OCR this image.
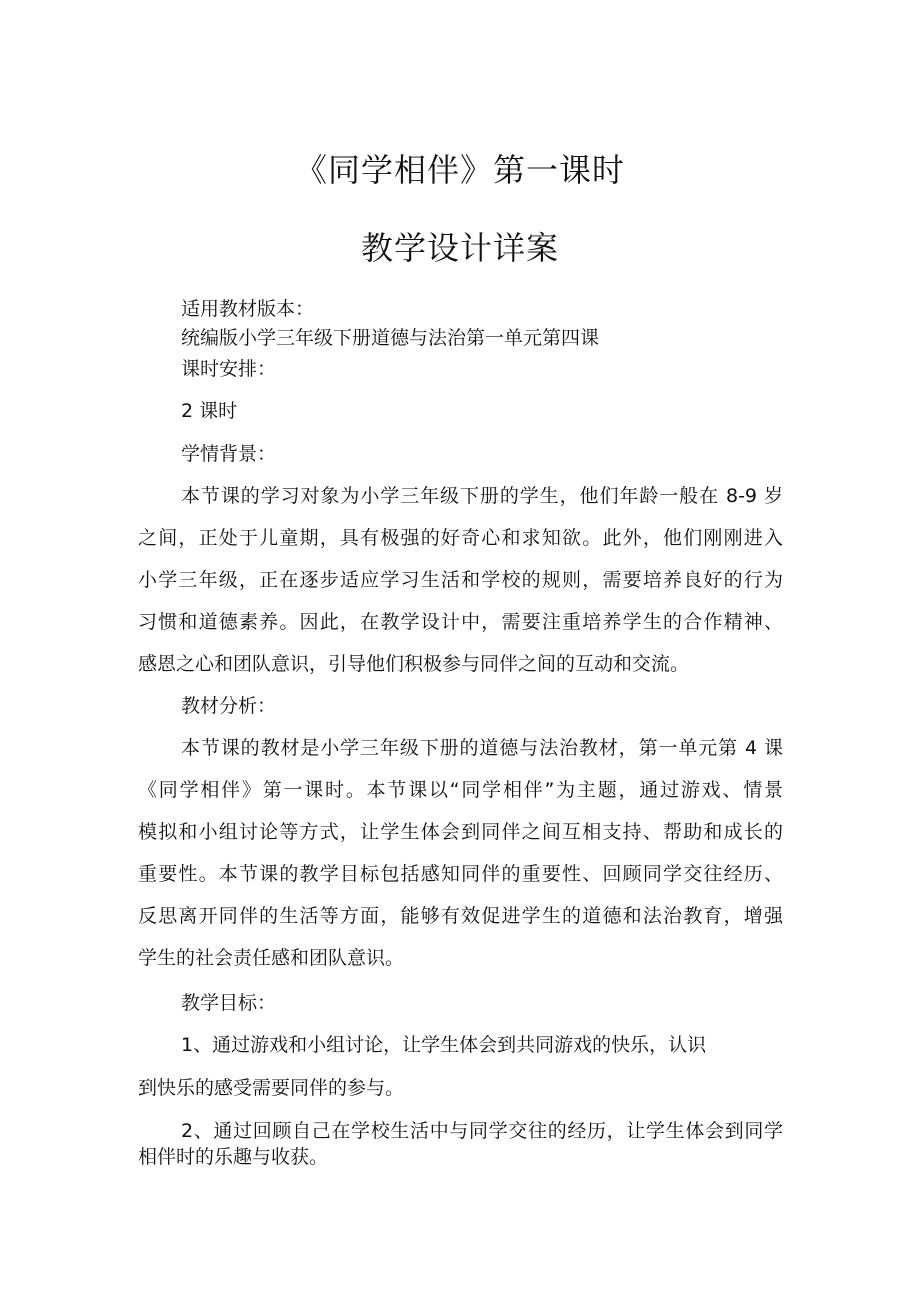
《同学相伴》第一课时
教学设计详案
适用教材版本：
统编版小学三年级下册道德与法治第一单元第四课
课时安排：
2 课时
学情背景：
本节课的学习对象为小学三年级下册的学生，他们年龄一般在 8-9 岁
之间，正处于儿童期，具有极强的好奇心和求知欲。此外，他们刚刚进入
小学三年级，正在逐步适应学习生活和学校的规则，需要培养良好的行为
习惯和道德素养。因此，在教学设计中，需要注重培养学生的合作精神、
感恩之心和团队意识，引导他们积极参与同伴之间的互动和交流。
教材分析：
本节课的教材是小学三年级下册的道德与法治教材，第一单元第 4 课
《同学相伴》第一课时。本节课以“同学相伴”为主题，通过游戏、情景
模拟和小组讨论等方式，让学生体会到同伴之间互相支持、帮助和成长的
重要性。本节课的教学目标包括感知同伴的重要性、回顾同学交往经历、
反思离开同伴的生活等方面，能够有效促进学生的道德和法治教育，增强
学生的社会责任感和团队意识。
教学目标：
1、通过游戏和小组讨论，让学生体会到共同游戏的快乐，认识
到快乐的感受需要同伴的参与。
2、通过回顾自己在学校生活中与同学交往的经历，让学生体会到同学
相伴时的乐趣与收获。
